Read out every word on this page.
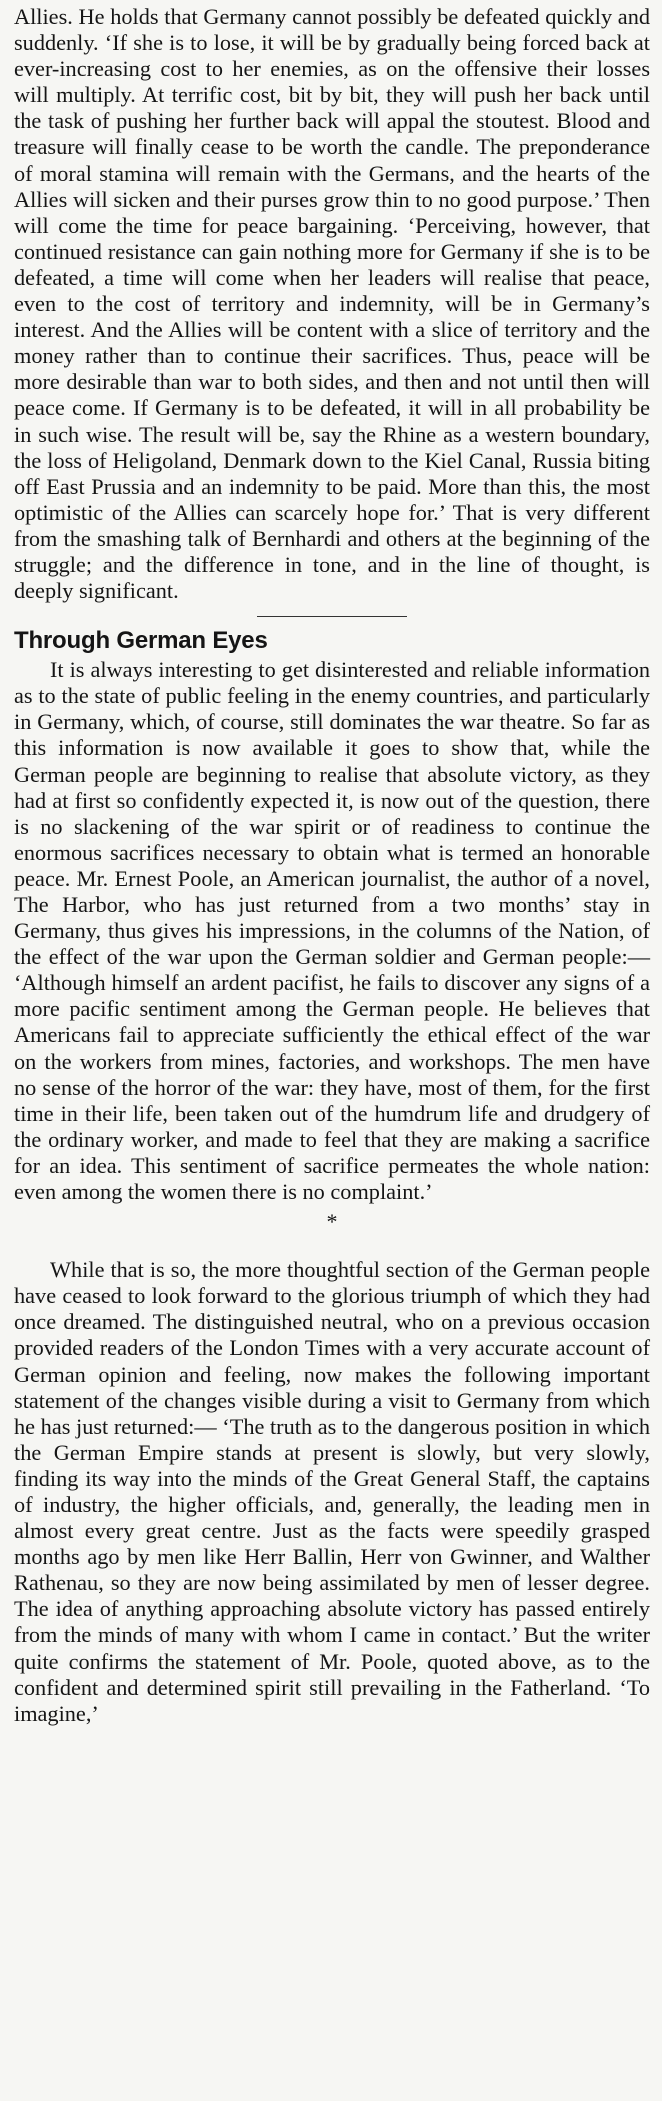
Allies. He holds that Germany cannot possibly be defeated quickly and suddenly. ‘If she is to lose, it will be by gradually being forced back at ever-increasing cost to her enemies, as on the offensive their losses will multiply. At terrific cost, bit by bit, they will push her back until the task of pushing her further back will appal the stoutest. Blood and treasure will finally cease to be worth the candle. The preponderance of moral stamina will remain with the Germans, and the hearts of the Allies will sicken and their purses grow thin to no good purpose.’ Then will come the time for peace bargaining. ‘Perceiving, however, that continued resistance can gain nothing more for Germany if she is to be defeated, a time will come when her leaders will realise that peace, even to the cost of territory and indemnity, will be in Germany’s interest. And the Allies will be content with a slice of territory and the money rather than to continue their sacrifices. Thus, peace will be more desirable than war to both sides, and then and not until then will peace come. If Germany is to be defeated, it will in all probability be in such wise. The result will be, say the Rhine as a western boundary, the loss of Heligoland, Denmark down to the Kiel Canal, Russia biting off East Prussia and an indemnity to be paid. More than this, the most optimistic of the Allies can scarcely hope for.’ That is very different from the smashing talk of Bernhardi and others at the beginning of the struggle; and the difference in tone, and in the line of thought, is deeply significant.

Through German Eyes

It is always interesting to get disinterested and reliable information as to the state of public feeling in the enemy countries, and particularly in Germany, which, of course, still dominates the war theatre. So far as this information is now available it goes to show that, while the German people are beginning to realise that absolute victory, as they had at first so confidently expected it, is now out of the question, there is no slackening of the war spirit or of readiness to continue the enormous sacrifices necessary to obtain what is termed an honorable peace. Mr. Ernest Poole, an American journalist, the author of a novel, The Harbor, who has just returned from a two months’ stay in Germany, thus gives his impressions, in the columns of the Nation, of the effect of the war upon the German soldier and German people:— ‘Although himself an ardent pacifist, he fails to discover any signs of a more pacific sentiment among the German people. He believes that Americans fail to appreciate sufficiently the ethical effect of the war on the workers from mines, factories, and workshops. The men have no sense of the horror of the war: they have, most of them, for the first time in their life, been taken out of the humdrum life and drudgery of the ordinary worker, and made to feel that they are making a sacrifice for an idea. This sentiment of sacrifice permeates the whole nation: even among the women there is no complaint.’

*

While that is so, the more thoughtful section of the German people have ceased to look forward to the glorious triumph of which they had once dreamed. The distinguished neutral, who on a previous occasion provided readers of the London Times with a very accurate account of German opinion and feeling, now makes the following important statement of the changes visible during a visit to Germany from which he has just returned:— ‘The truth as to the dangerous position in which the German Empire stands at present is slowly, but very slowly, finding its way into the minds of the Great General Staff, the captains of industry, the higher officials, and, generally, the leading men in almost every great centre. Just as the facts were speedily grasped months ago by men like Herr Ballin, Herr von Gwinner, and Walther Rathenau, so they are now being assimilated by men of lesser degree. The idea of anything approaching absolute victory has passed entirely from the minds of many with whom I came in contact.’ But the writer quite confirms the statement of Mr. Poole, quoted above, as to the confident and determined spirit still prevailing in the Fatherland. ‘To imagine,’
